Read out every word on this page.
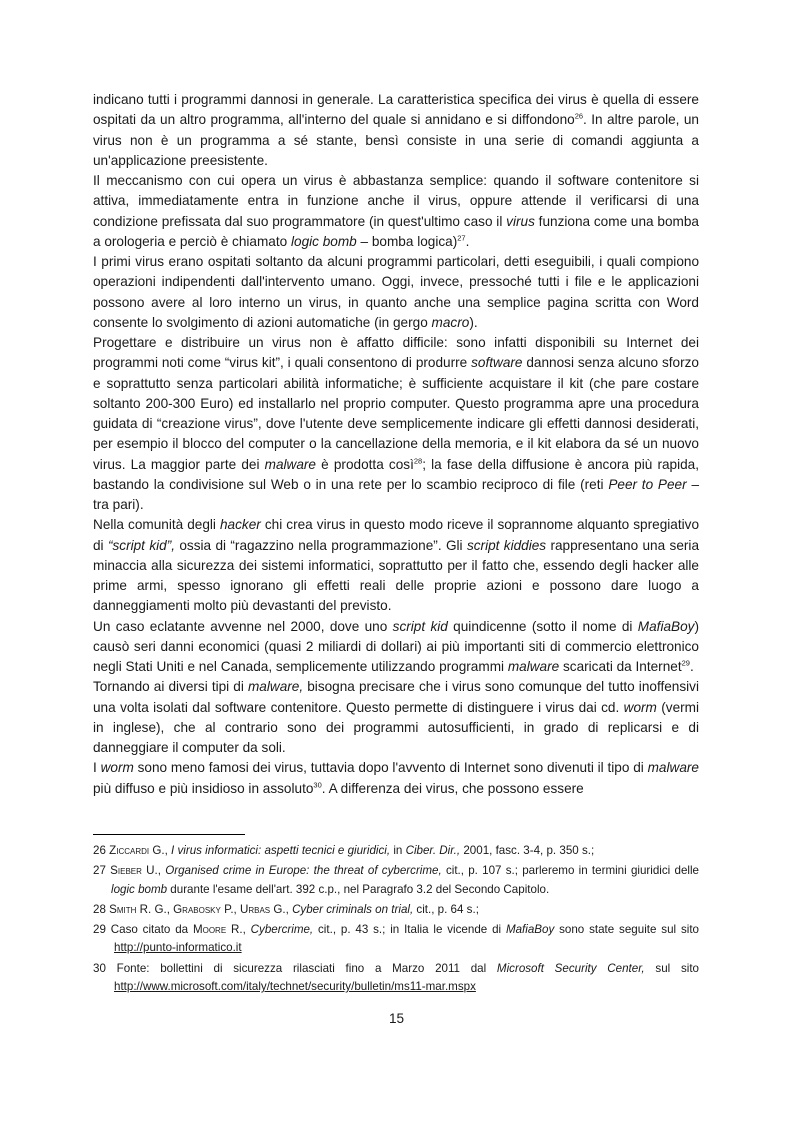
indicano tutti i programmi dannosi in generale. La caratteristica specifica dei virus è quella di essere ospitati da un altro programma, all'interno del quale si annidano e si diffondono$^{26}$. In altre parole, un virus non è un programma a sé stante, bensì consiste in una serie di comandi aggiunta a un'applicazione preesistente.

Il meccanismo con cui opera un virus è abbastanza semplice: quando il software contenitore si attiva, immediatamente entra in funzione anche il virus, oppure attende il verificarsi di una condizione prefissata dal suo programmatore (in quest'ultimo caso il virus funziona come una bomba a orologeria e perciò è chiamato logic bomb – bomba logica)$^{27}$.

I primi virus erano ospitati soltanto da alcuni programmi particolari, detti eseguibili, i quali compiono operazioni indipendenti dall'intervento umano. Oggi, invece, pressoché tutti i file e le applicazioni possono avere al loro interno un virus, in quanto anche una semplice pagina scritta con Word consente lo svolgimento di azioni automatiche (in gergo macro).

Progettare e distribuire un virus non è affatto difficile: sono infatti disponibili su Internet dei programmi noti come “virus kit”, i quali consentono di produrre software dannosi senza alcuno sforzo e soprattutto senza particolari abilità informatiche; è sufficiente acquistare il kit (che pare costare soltanto 200-300 Euro) ed installarlo nel proprio computer. Questo programma apre una procedura guidata di “creazione virus”, dove l'utente deve semplicemente indicare gli effetti dannosi desiderati, per esempio il blocco del computer o la cancellazione della memoria, e il kit elabora da sé un nuovo virus. La maggior parte dei malware è prodotta così$^{28}$; la fase della diffusione è ancora più rapida, bastando la condivisione sul Web o in una rete per lo scambio reciproco di file (reti Peer to Peer – tra pari).

Nella comunità degli hacker chi crea virus in questo modo riceve il soprannome alquanto spregiativo di “script kid”, ossia di “ragazzino nella programmazione”. Gli script kiddies rappresentano una seria minaccia alla sicurezza dei sistemi informatici, soprattutto per il fatto che, essendo degli hacker alle prime armi, spesso ignorano gli effetti reali delle proprie azioni e possono dare luogo a danneggiamenti molto più devastanti del previsto.

Un caso eclatante avvenne nel 2000, dove uno script kid quindicenne (sotto il nome di MafiaBoy) causò seri danni economici (quasi 2 miliardi di dollari) ai più importanti siti di commercio elettronico negli Stati Uniti e nel Canada, semplicemente utilizzando programmi malware scaricati da Internet$^{29}$.

Tornando ai diversi tipi di malware, bisogna precisare che i virus sono comunque del tutto inoffensivi una volta isolati dal software contenitore. Questo permette di distinguere i virus dai cd. worm (vermi in inglese), che al contrario sono dei programmi autosufficienti, in grado di replicarsi e di danneggiare il computer da soli.

I worm sono meno famosi dei virus, tuttavia dopo l'avvento di Internet sono divenuti il tipo di malware più diffuso e più insidioso in assoluto$^{30}$. A differenza dei virus, che possono essere

26 Ziccardi G., I virus informatici: aspetti tecnici e giuridici, in Ciber. Dir., 2001, fasc. 3-4, p. 350 s.;

27 Sieber U., Organised crime in Europe: the threat of cybercrime, cit., p. 107 s.; parleremo in termini giuridici delle logic bomb durante l'esame dell'art. 392 c.p., nel Paragrafo 3.2 del Secondo Capitolo.

28 Smith R. G., Grabosky P., Urbas G., Cyber criminals on trial, cit., p. 64 s.;

29 Caso citato da Moore R., Cybercrime, cit., p. 43 s.; in Italia le vicende di MafiaBoy sono state seguite sul sito http://punto-informatico.it

30 Fonte: bollettini di sicurezza rilasciati fino a Marzo 2011 dal Microsoft Security Center, sul sito http://www.microsoft.com/italy/technet/security/bulletin/ms11-mar.mspx

15
